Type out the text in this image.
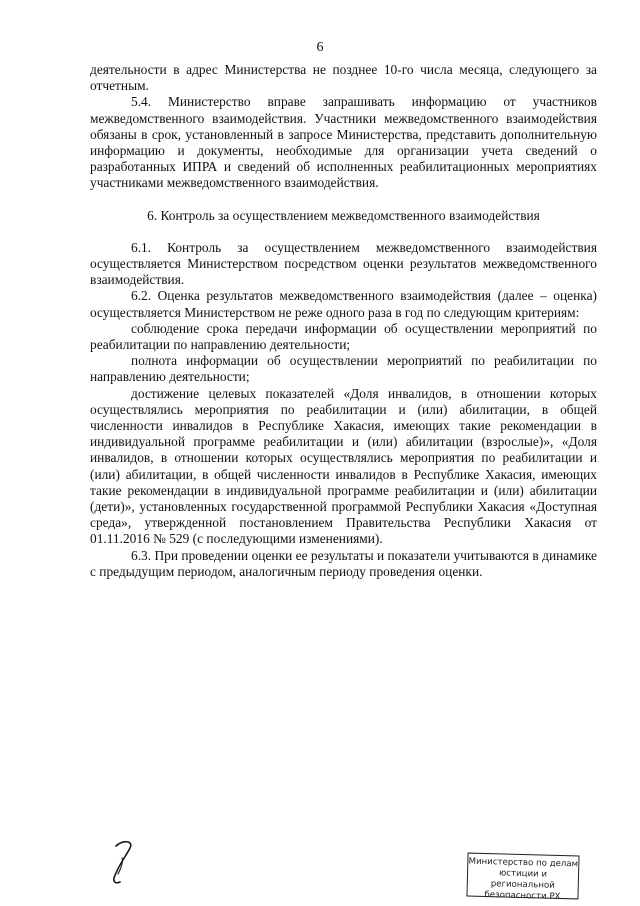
6

деятельности в адрес Министерства не позднее 10-го числа месяца, следующего за отчетным.

5.4. Министерство вправе запрашивать информацию от участников межведомственного взаимодействия. Участники межведомственного взаимодействия обязаны в срок, установленный в запросе Министерства, представить дополнительную информацию и документы, необходимые для организации учета сведений о разработанных ИПРА и сведений об исполненных реабилитационных мероприятиях участниками межведомственного взаимодействия.

6. Контроль за осуществлением межведомственного взаимодействия

6.1. Контроль за осуществлением межведомственного взаимодействия осуществляется Министерством посредством оценки результатов межведомственного взаимодействия.

6.2. Оценка результатов межведомственного взаимодействия (далее – оценка) осуществляется Министерством не реже одного раза в год по следующим критериям:

соблюдение срока передачи информации об осуществлении мероприятий по реабилитации по направлению деятельности;

полнота информации об осуществлении мероприятий по реабилитации по направлению деятельности;

достижение целевых показателей «Доля инвалидов, в отношении которых осуществлялись мероприятия по реабилитации и (или) абилитации, в общей численности инвалидов в Республике Хакасия, имеющих такие рекомендации в индивидуальной программе реабилитации и (или) абилитации (взрослые)», «Доля инвалидов, в отношении которых осуществлялись мероприятия по реабилитации и (или) абилитации, в общей численности инвалидов в Республике Хакасия, имеющих такие рекомендации в индивидуальной программе реабилитации и (или) абилитации (дети)», установленных государственной программой Республики Хакасия «Доступная среда», утвержденной постановлением Правительства Республики Хакасия от 01.11.2016 № 529 (с последующими изменениями).

6.3. При проведении оценки ее результаты и показатели учитываются в динамике с предыдущим периодом, аналогичным периоду проведения оценки.

Министерство по делам
юстиции и региональной
безопасности РХ
